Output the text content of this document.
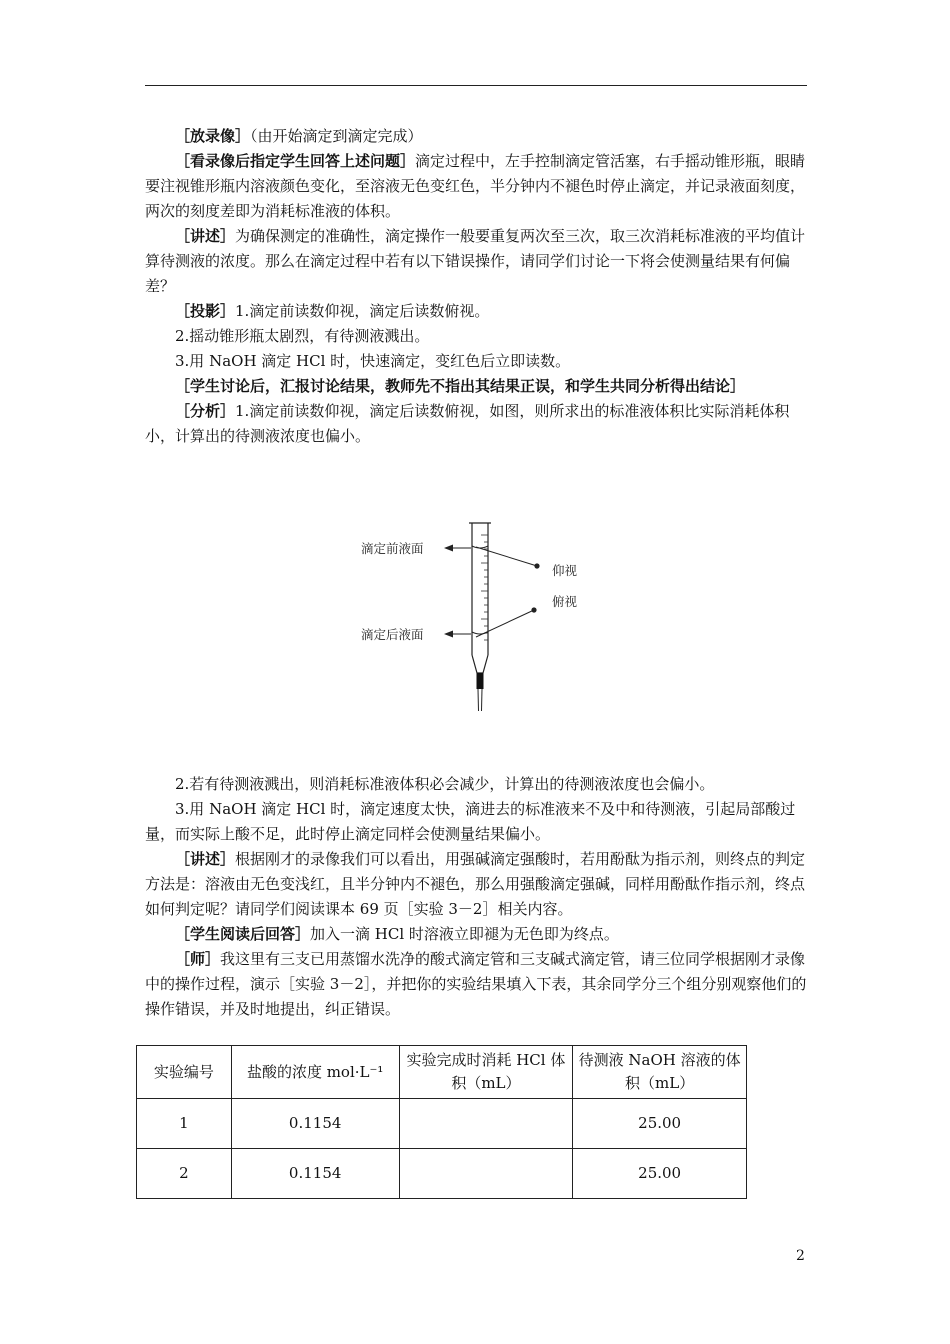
［放录像］（由开始滴定到滴定完成）

［看录像后指定学生回答上述问题］滴定过程中，左手控制滴定管活塞，右手摇动锥形瓶，眼睛要注视锥形瓶内溶液颜色变化，至溶液无色变红色，半分钟内不褪色时停止滴定，并记录液面刻度，两次的刻度差即为消耗标准液的体积。

［讲述］为确保测定的准确性，滴定操作一般要重复两次至三次，取三次消耗标准液的平均值计算待测液的浓度。那么在滴定过程中若有以下错误操作，请同学们讨论一下将会使测量结果有何偏差？

［投影］1.滴定前读数仰视，滴定后读数俯视。

2.摇动锥形瓶太剧烈，有待测液溅出。

3.用 NaOH 滴定 HCl 时，快速滴定，变红色后立即读数。

［学生讨论后，汇报讨论结果，教师先不指出其结果正误，和学生共同分析得出结论］

［分析］1.滴定前读数仰视，滴定后读数俯视，如图，则所求出的标准液体积比实际消耗体积小，计算出的待测液浓度也偏小。

滴定前液面
滴定后液面
仰视
俯视

2.若有待测液溅出，则消耗标准液体积必会减少，计算出的待测液浓度也会偏小。

3.用 NaOH 滴定 HCl 时，滴定速度太快，滴进去的标准液来不及中和待测液，引起局部酸过量，而实际上酸不足，此时停止滴定同样会使测量结果偏小。

［讲述］根据刚才的录像我们可以看出，用强碱滴定强酸时，若用酚酞为指示剂，则终点的判定方法是：溶液由无色变浅红，且半分钟内不褪色，那么用强酸滴定强碱，同样用酚酞作指示剂，终点如何判定呢？请同学们阅读课本 69 页［实验 3－2］相关内容。

［学生阅读后回答］加入一滴 HCl 时溶液立即褪为无色即为终点。

［师］我这里有三支已用蒸馏水洗净的酸式滴定管和三支碱式滴定管，请三位同学根据刚才录像中的操作过程，演示［实验 3－2］，并把你的实验结果填入下表，其余同学分三个组分别观察他们的操作错误，并及时地提出，纠正错误。

实验编号	盐酸的浓度 mol·L⁻¹	实验完成时消耗 HCl 体积（mL）	待测液 NaOH 溶液的体积（mL）
1	0.1154		25.00
2	0.1154		25.00
2
